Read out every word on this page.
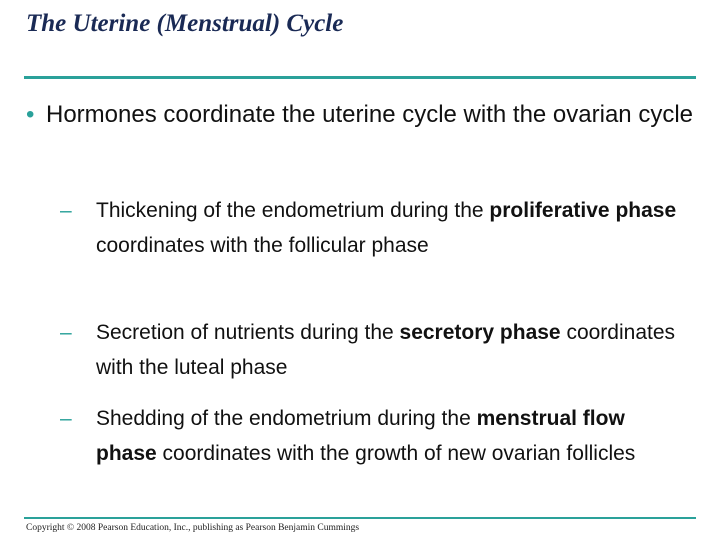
The Uterine (Menstrual) Cycle
• Hormones coordinate the uterine cycle with the ovarian cycle
–	Thickening of the endometrium during the proliferative phase coordinates with the follicular phase
–	Secretion of nutrients during the secretory phase coordinates with the luteal phase
–	Shedding of the endometrium during the menstrual flow phase coordinates with the growth of new ovarian follicles
Copyright © 2008 Pearson Education, Inc., publishing as Pearson Benjamin Cummings
